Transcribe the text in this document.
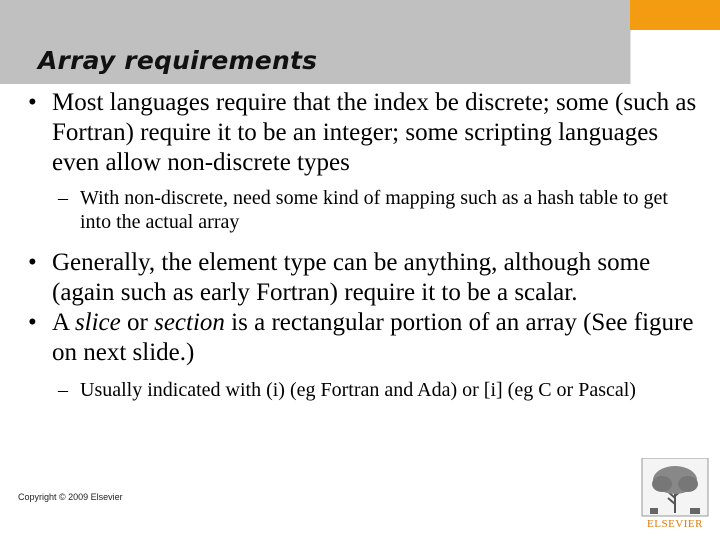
Array requirements

• Most languages require that the index be discrete; some (such as Fortran) require it to be an integer; some scripting languages even allow non-discrete types

– With non-discrete, need some kind of mapping such as a hash table to get into the actual array

• Generally, the element type can be anything, although some (again such as early Fortran) require it to be a scalar.

• A slice or section is a rectangular portion of an array (See figure on next slide.)

– Usually indicated with (i) (eg Fortran and Ada) or [i] (eg C or Pascal)

Copyright © 2009 Elsevier
ELSEVIER
